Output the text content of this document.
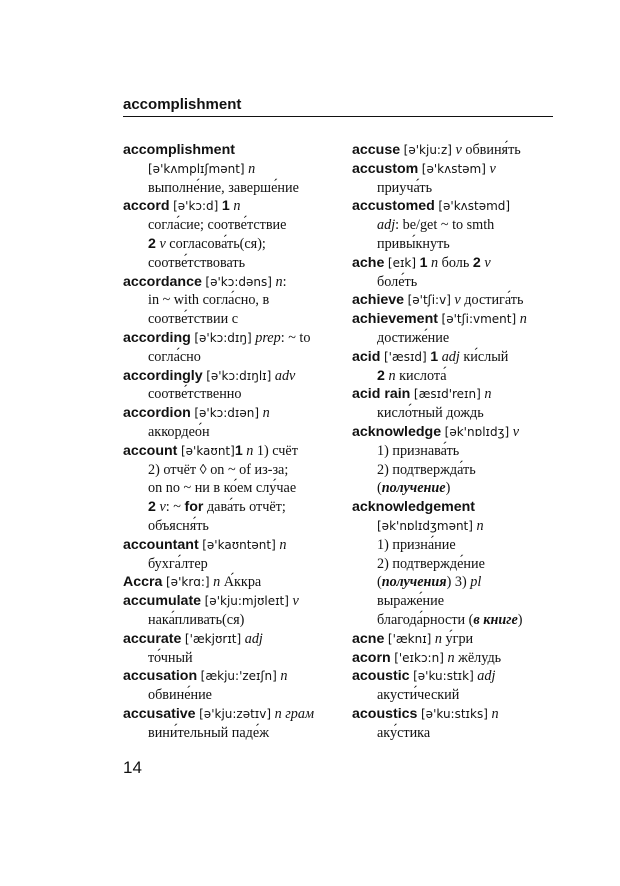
accomplishment
accomplishment
[ə'kʌmplɪʃmənt] n
выполне́ние, заверше́ние
accord [ə'kɔ:d] 1 n
согла́сие; соотве́тствие
2 v согласова́ть(ся);
соотве́тствовать
accordance [ə'kɔ:dəns] n:
in ~ with согла́сно, в
соотве́тствии с
according [ə'kɔ:dɪŋ] prep: ~ to
согла́сно
accordingly [ə'kɔ:dɪŋlɪ] adv
соотве́тственно
accordion [ə'kɔ:dɪən] n
аккордео́н
account [ə'kaʊnt]1 n 1) счёт
2) отчёт ◊ on ~ of из-за;
on no ~ ни в ко́ем слу́чае
2 v: ~ for дава́ть отчёт;
объясня́ть
accountant [ə'kaʊntənt] n
бухга́лтер
Accra [ə'krɑ:] n А́ккра
accumulate [ə'kju:mjʊleɪt] v
нака́пливать(ся)
accurate ['ækjʊrɪt] adj
то́чный
accusation [ækju:'zeɪʃn] n
обвине́ние
accusative [ə'kju:zətɪv] n грам
вини́тельный паде́ж
accuse [ə'kju:z] v обвиня́ть
accustom [ə'kʌstəm] v
приуча́ть
accustomed [ə'kʌstəmd]
adj: be/get ~ to smth
привы́кнуть
ache [eɪk] 1 n боль 2 v
боле́ть
achieve [ə'tʃi:v] v достига́ть
achievement [ə'tʃi:vment] n
достиже́ние
acid ['æsɪd] 1 adj ки́слый
2 n кислота́
acid rain [æsɪd'reɪn] n
кисло́тный дождь
acknowledge [ək'nɒlɪdʒ] v
1) признава́ть
2) подтвержда́ть
(получение)
acknowledgement
[ək'nɒlɪdʒmənt] n
1) призна́ние
2) подтвержде́ние
(получения) 3) pl
выраже́ние
благода́рности (в книге)
acne ['æknɪ] n у́гри
acorn ['eɪkɔ:n] n жёлудь
acoustic [ə'ku:stɪk] adj
акусти́ческий
acoustics [ə'ku:stɪks] n
аку́стика
14
